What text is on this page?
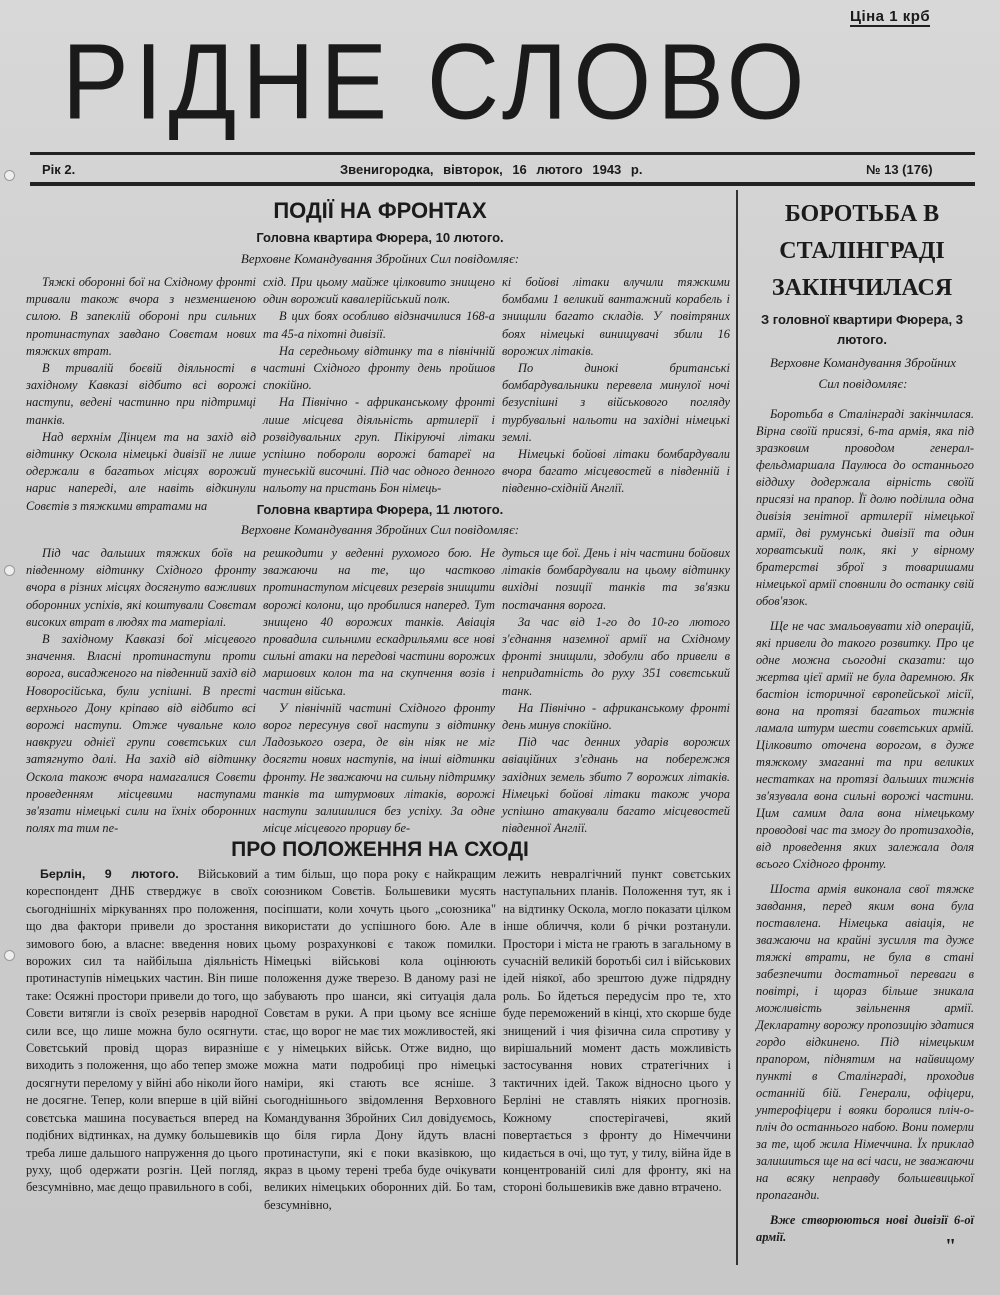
Ціна 1 крб
РІДНЕ СЛОВО
Рік 2.	Звенигородка, вівторок, 16 лютого 1943 р.	№ 13 (176)
ПОДІЇ НА ФРОНТАХ
Головна квартира Фюрера, 10 лютого.
Верховне Командування Збройних Сил повідомляє:

Тяжкі оборонні бої на Східному фронті тривали також вчора з незменшеною силою. В запеклій обороні при сильних протинаступах завдано Совєтам нових тяжких втрат.

В тривалій боєвій діяльності в західному Кавказі відбито всі ворожі наступи, ведені частинно при підтримці танків.

Над верхнім Дінцем та на захід від відтинку Оскола німецькі дивізії не лише одержали в багатьох місцях ворожий нарис напереді, але навіть відкинули Совєтів з тяжкими втратами на

схід. При цьому майже цілковито знищено один ворожий кавалерійський полк.

В цих боях особливо відзначилися 168-а та 45-а піхотні дивізії.

На середньому відтинку та в північній частині Східного фронту день пройшов спокійно.

На Північно - африканському фронті лише місцева діяльність артилерії і розвідувальних груп. Пікіруючі літаки успішно побороли ворожі батареї на тунеській височині. Під час одного денного нальоту на пристань Бон німець-

кі бойові літаки влучили тяжкими бомбами 1 великий вантажний корабель і знищили багато складів. У повітряних боях німецькі винищувачі збили 16 ворожих літаків.

По динокі британські бомбардувальники перевела минулої ночі безуспішні з військового погляду турбувальні нальоти на західні німецькі землі.

Німецькі бойові літаки бомбардували вчора багато місцевостей в південній і південно-східній Англії.

Головна квартира Фюрера, 11 лютого.
Верховне Командування Збройних Сил повідомляє:

Під час дальших тяжких боїв на південному відтинку Східного фронту вчора в різних місцях досягнуто важливих оборонних успіхів, які коштували Совєтам високих втрат в людях та матеріалі.

В західному Кавказі бої місцевого значення. Власні протинаступи проти ворога, висадженого на південний захід від Новоросійська, були успішні. В престі верхнього Дону кріпаво від відбито всі ворожі наступи. Отже чувальне коло навкруги однієї групи совєтських сил затягнуто далі. На захід від відтинку Оскола також вчора намагалися Совєти проведенням місцевими наступами зв'язати німецькі сили на їхніх оборонних полях та тим пе-

решкодити у веденні рухомого бою. Не зважаючи на те, що частково протинаступом місцевих резервів знищити ворожі колони, що пробилися наперед. Тут знищено 40 ворожих танків. Авіація провадила сильними ескадрильями все нові сильні атаки на передові частини ворожих маршових колон та на скупчення возів і частин війська.

У північній частині Східного фронту ворог пересунув свої наступи з відтинку Ладозького озера, де він ніяк не міг досягти нових наступів, на інші відтинки фронту. Не зважаючи на сильну підтримку танків та штурмових літаків, ворожі наступи залишилися без успіху. За одне місце місцевого прориву бе-

дуться ще бої. День і ніч частини бойових літаків бомбардували на цьому відтинку вихідні позиції танків та зв'язки постачання ворога.

За час від 1-го до 10-го лютого з'єднання наземної армії на Східному фронті знищили, здобули або привели в непридатність до руху 351 совєтський танк.

На Північно - африканському фронті день минув спокійно.

Під час денних ударів ворожих авіаційних з'єднань на побережжя західних земель збито 7 ворожих літаків. Німецькі бойові літаки також учора успішно атакували багато місцевостей південної Англії.

ПРО ПОЛОЖЕННЯ НА СХОДІ

Берлін, 9 лютого. Військовий кореспондент ДНБ стверджує в своїх сьогоднішніх міркуваннях про положення, що два фактори привели до зростання зимового бою, а власне: введення нових ворожих сил та найбільша діяльність протинаступів німецьких частин. Він пише таке: Осяжні простори привели до того, що Совєти витягли із своїх резервів народної сили все, що лише можна було осягнути. Совєтський провід щораз виразніше виходить з положення, що або тепер зможе досягнути перелому у війні або ніколи його не досягне. Тепер, коли вперше в цій війні совєтська машина посувається вперед на подібних відтинках, на думку большевиків треба лише дальшого напруження до цього руху, щоб одержати розгін. Цей погляд, безсумнівно, має дещо правильного в собі,

а тим більш, що пора року є найкращим союзником Совєтів. Большевики мусять посіпшати, коли хочуть цього „союзника" використати до успішного бою. Але в цьому розрахункові є також помилки. Німецькі військові кола оцінюють положення дуже тверезо. В даному разі не забувають про шанси, які ситуація дала Совєтам в руки. А при цьому все ясніше стає, що ворог не має тих можливостей, які є у німецьких військ. Отже видно, що можна мати подробиці про німецькі наміри, які стають все ясніше. З сьогоднішнього звідомлення Верховного Командування Збройних Сил довідуємось, що біля гирла Дону йдуть власні протинаступи, які є поки вказівкою, що якраз в цьому терені треба буде очікувати великих німецьких оборонних дій. Бо там, безсумнівно,

лежить невралгічний пункт совєтських наступальних планів. Положення тут, як і на відтинку Оскола, могло показати цілком інше обличчя, коли б річки розтанули. Простори і міста не грають в загальному в сучасній великій боротьбі сил і військових ідей ніякої, або зрештою дуже підрядну роль. Бо йдеться передусім про те, хто буде переможений в кінці, хто скорше буде знищений і чия фізична сила спротиву у вирішальний момент дасть можливість застосування нових стратегічних і тактичних ідей. Також відносно цього у Берліні не ставлять ніяких прогнозів. Кожному спостерігачеві, який повертається з фронту до Німеччини кидається в очі, що тут, у тилу, війна йде в концентрованій силі для фронту, які на стороні большевиків вже давно втрачено.

БОРОТЬБА В СТАЛІНГРАДІ ЗАКІНЧИЛАСЯ
З головної квартири Фюрера, 3 лютого.
Верховне Командування Збройних Сил повідомляє:

Боротьба в Сталінграді закінчилася. Вірна своїй присязі, 6-та армія, яка під зразковим проводом генерал-фельдмаршала Паулюса до останнього віддиху додержала вірність своїй присязі на прапор. Її долю поділила одна дивізія зенітної артилерії німецької армії, дві румунські дивізії та один хорватський полк, які у вірному братерстві зброї з товаришами німецької армії сповнили до останку свій обов'язок.

Ще не час змальовувати хід операцій, які привели до такого розвитку. Про це одне можна сьогодні сказати: що жертва цієї армії не була даремною. Як бастіон історичної європейської місії, вона на протязі багатьох тижнів ламала штурм шести совєтських армій. Цілковито оточена ворогом, в дуже тяжкому змаганні та при великих нестатках на протязі дальших тижнів зв'язувала вона сильні ворожі частини. Цим самим дала вона німецькому проводові час та змогу до протизаходів, від проведення яких залежала доля всього Східного фронту.

Шоста армія виконала свої тяжке завдання, перед яким вона була поставлена. Німецька авіація, не зважаючи на крайні зусилля та дуже тяжкі втрати, не була в стані забезпечити достатньої переваги в повітрі, і щораз більше зникала можливість звільнення армії. Декларатну ворожу пропозицію здатися гордо відкинено. Під німецьким прапором, піднятим на найвищому пункті в Сталінграді, проходив останній бій. Генерали, офіцери, унтерофіцери і вояки боролися пліч-о-пліч до останнього набою. Вони померли за те, щоб жила Німеччина. Їх приклад залишиться ще на всі часи, не зважаючи на всяку неправду большевицької пропаганди.

Вже створюються нові дивізії 6-ої армії.	"
